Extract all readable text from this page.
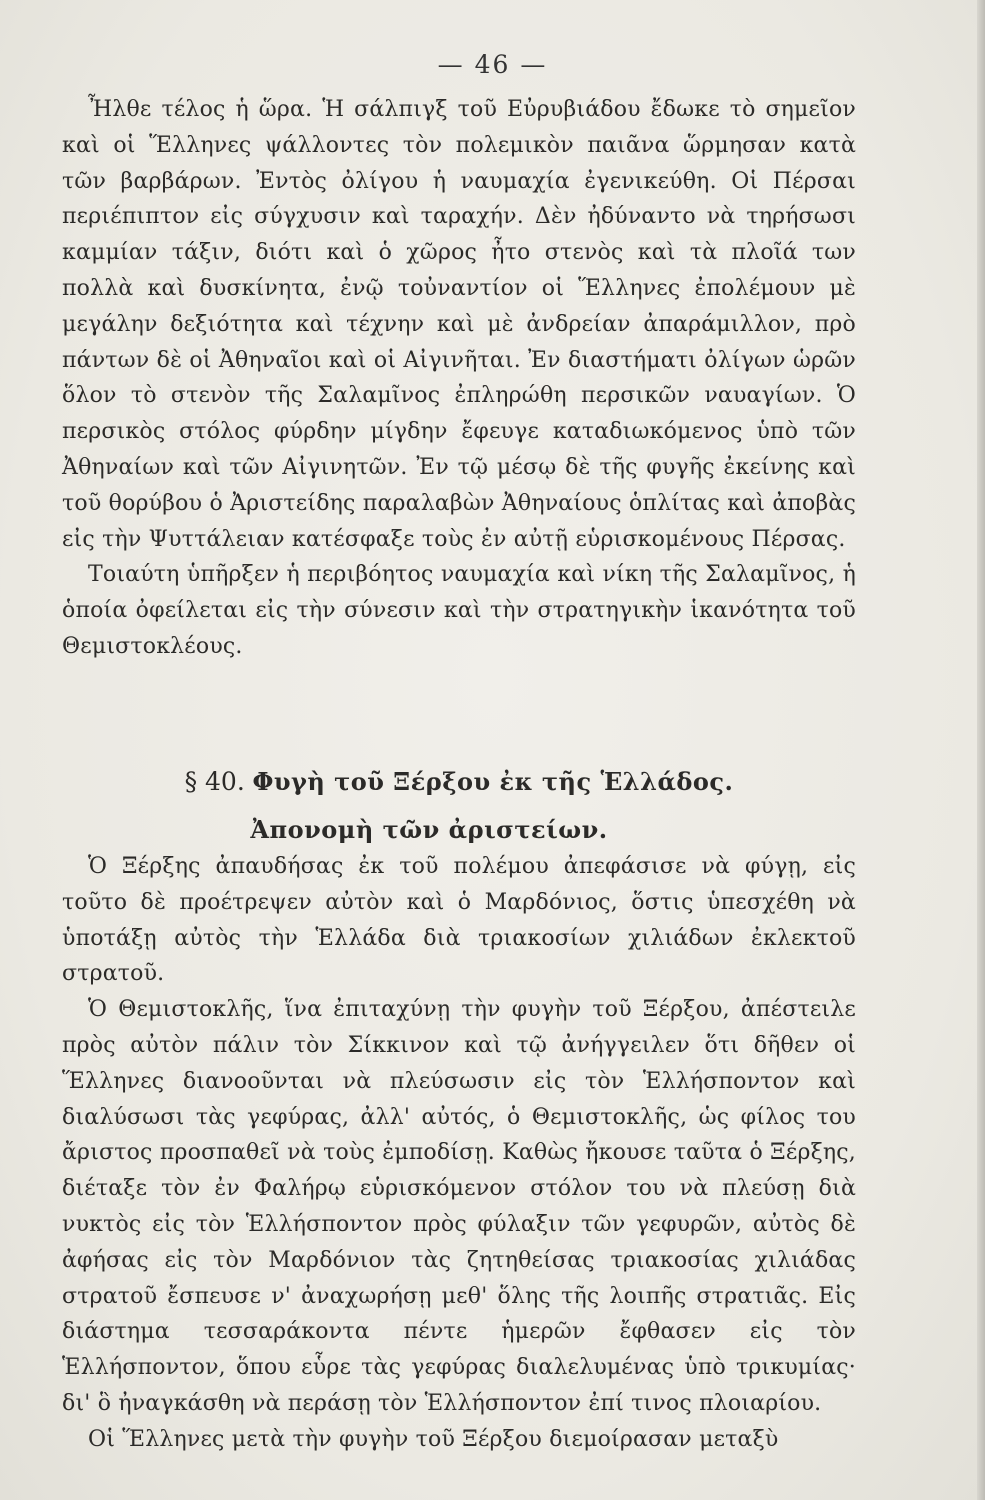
— 46 —

Ἦλθε τέλος ἡ ὥρα. Ἡ σάλπιγξ τοῦ Εὐρυβιάδου ἔδωκε τὸ σημεῖον καὶ οἱ Ἕλληνες ψάλλοντες τὸν πολεμικὸν παιᾶνα ὥρμησαν κατὰ τῶν βαρβάρων. Ἐντὸς ὀλίγου ἡ ναυμαχία ἐγενικεύθη. Οἱ Πέρσαι περιέπιπτον εἰς σύγχυσιν καὶ ταραχήν. Δὲν ἠδύναντο νὰ τηρήσωσι καμμίαν τάξιν, διότι καὶ ὁ χῶρος ἦτο στενὸς καὶ τὰ πλοῖά των πολλὰ καὶ δυσκίνητα, ἐνῷ τοὐναντίον οἱ Ἕλληνες ἐπολέμουν μὲ μεγάλην δεξιότητα καὶ τέχνην καὶ μὲ ἀνδρείαν ἀπαράμιλλον, πρὸ πάντων δὲ οἱ Ἀθηναῖοι καὶ οἱ Αἰγινῆται. Ἐν διαστήματι ὀλίγων ὡρῶν ὅλον τὸ στενὸν τῆς Σαλαμῖνος ἐπληρώθη περσικῶν ναυαγίων. Ὁ περσικὸς στόλος φύρδην μίγδην ἔφευγε καταδιωκόμενος ὑπὸ τῶν Ἀθηναίων καὶ τῶν Αἰγινητῶν. Ἐν τῷ μέσῳ δὲ τῆς φυγῆς ἐκείνης καὶ τοῦ θορύβου ὁ Ἀριστείδης παραλαβὼν Ἀθηναίους ὁπλίτας καὶ ἀποβὰς εἰς τὴν Ψυττάλειαν κατέσφαξε τοὺς ἐν αὐτῇ εὑρισκομένους Πέρσας.

Τοιαύτη ὑπῆρξεν ἡ περιβόητος ναυμαχία καὶ νίκη τῆς Σαλαμῖνος, ἡ ὁποία ὀφείλεται εἰς τὴν σύνεσιν καὶ τὴν στρατηγικὴν ἱκανότητα τοῦ Θεμιστοκλέους.

§ 40. Φυγὴ τοῦ Ξέρξου ἐκ τῆς Ἑλλάδος.
Ἀπονομὴ τῶν ἀριστείων.

Ὁ Ξέρξης ἀπαυδήσας ἐκ τοῦ πολέμου ἀπεφάσισε νὰ φύγῃ, εἰς τοῦτο δὲ προέτρεψεν αὐτὸν καὶ ὁ Μαρδόνιος, ὅστις ὑπεσχέθη νὰ ὑποτάξῃ αὐτὸς τὴν Ἑλλάδα διὰ τριακοσίων χιλιάδων ἐκλεκτοῦ στρατοῦ.

Ὁ Θεμιστοκλῆς, ἵνα ἐπιταχύνῃ τὴν φυγὴν τοῦ Ξέρξου, ἀπέστειλε πρὸς αὐτὸν πάλιν τὸν Σίκκινον καὶ τῷ ἀνήγγειλεν ὅτι δῆθεν οἱ Ἕλληνες διανοοῦνται νὰ πλεύσωσιν εἰς τὸν Ἑλλήσποντον καὶ διαλύσωσι τὰς γεφύρας, ἀλλ' αὐτός, ὁ Θεμιστοκλῆς, ὡς φίλος του ἄριστος προσπαθεῖ νὰ τοὺς ἐμποδίσῃ. Καθὼς ἤκουσε ταῦτα ὁ Ξέρξης, διέταξε τὸν ἐν Φαλήρῳ εὑρισκόμενον στόλον του νὰ πλεύσῃ διὰ νυκτὸς εἰς τὸν Ἑλλήσποντον πρὸς φύλαξιν τῶν γεφυρῶν, αὐτὸς δὲ ἀφήσας εἰς τὸν Μαρδόνιον τὰς ζητηθείσας τριακοσίας χιλιάδας στρατοῦ ἔσπευσε ν' ἀναχωρήσῃ μεθ' ὅλης τῆς λοιπῆς στρατιᾶς. Εἰς διάστημα τεσσαράκοντα πέντε ἡμερῶν ἔφθασεν εἰς τὸν Ἑλλήσποντον, ὅπου εὗρε τὰς γεφύρας διαλελυμένας ὑπὸ τρικυμίας· δι' ὃ ἠναγκάσθη νὰ περάσῃ τὸν Ἑλλήσποντον ἐπί τινος πλοιαρίου.

Οἱ Ἕλληνες μετὰ τὴν φυγὴν τοῦ Ξέρξου διεμοίρασαν μεταξὺ
